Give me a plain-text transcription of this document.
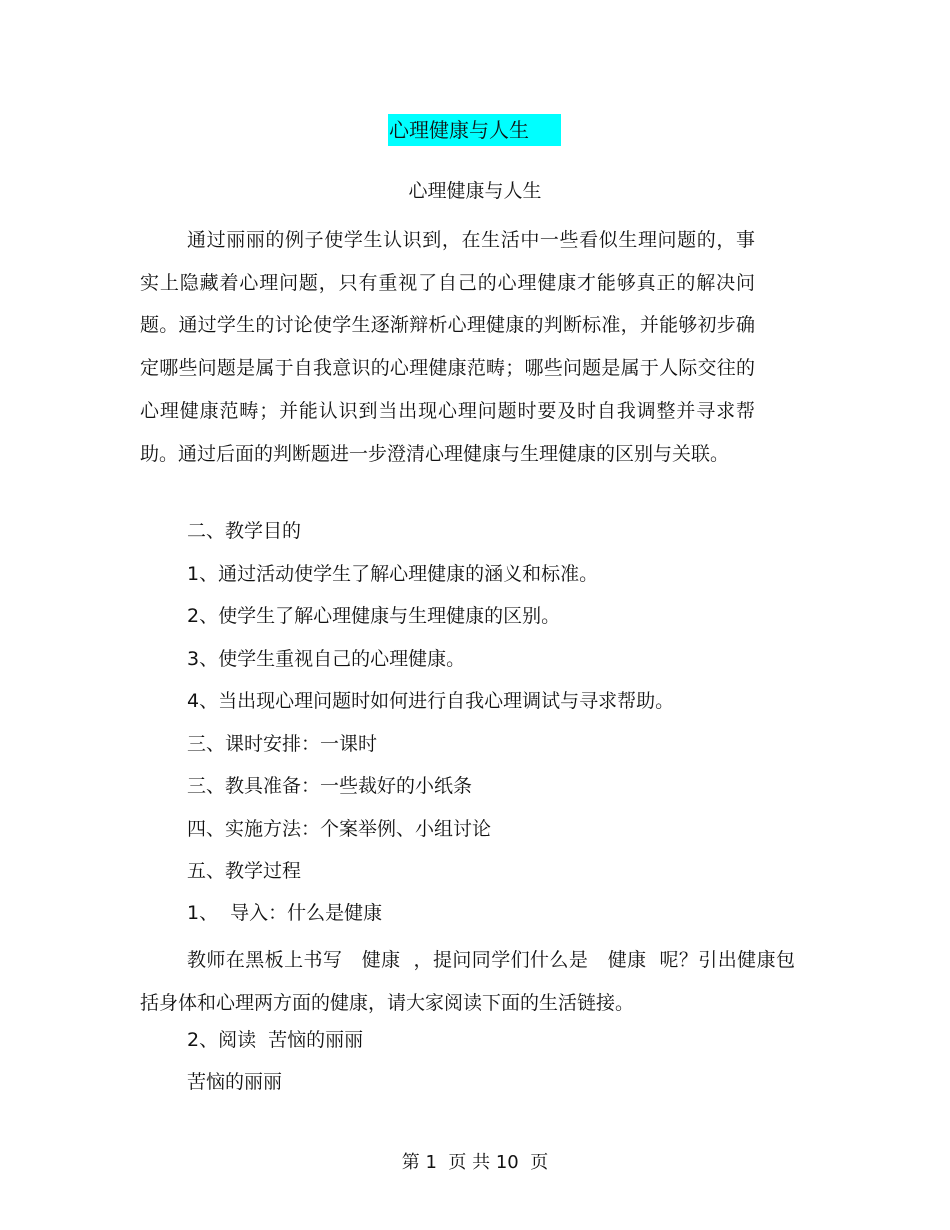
心理健康与人生
心理健康与人生

通过丽丽的例子使学生认识到，在生活中一些看似生理问题的，事实上隐藏着心理问题，只有重视了自己的心理健康才能够真正的解决问题。通过学生的讨论使学生逐渐辩析心理健康的判断标准，并能够初步确定哪些问题是属于自我意识的心理健康范畴；哪些问题是属于人际交往的心理健康范畴；并能认识到当出现心理问题时要及时自我调整并寻求帮助。通过后面的判断题进一步澄清心理健康与生理健康的区别与关联。

二、教学目的

1、通过活动使学生了解心理健康的涵义和标准。

2、使学生了解心理健康与生理健康的区别。

3、使学生重视自己的心理健康。

4、当出现心理问题时如何进行自我心理调试与寻求帮助。

三、课时安排：一课时

三、教具准备：一些裁好的小纸条

四、实施方法：个案举例、小组讨论

五、教学过程

1、  导入：什么是健康

教师在黑板上书写   健康  ，提问同学们什么是   健康  呢？引出健康包括身体和心理两方面的健康，请大家阅读下面的生活链接。

2、阅读  苦恼的丽丽

苦恼的丽丽

第 1  页 共 10  页
